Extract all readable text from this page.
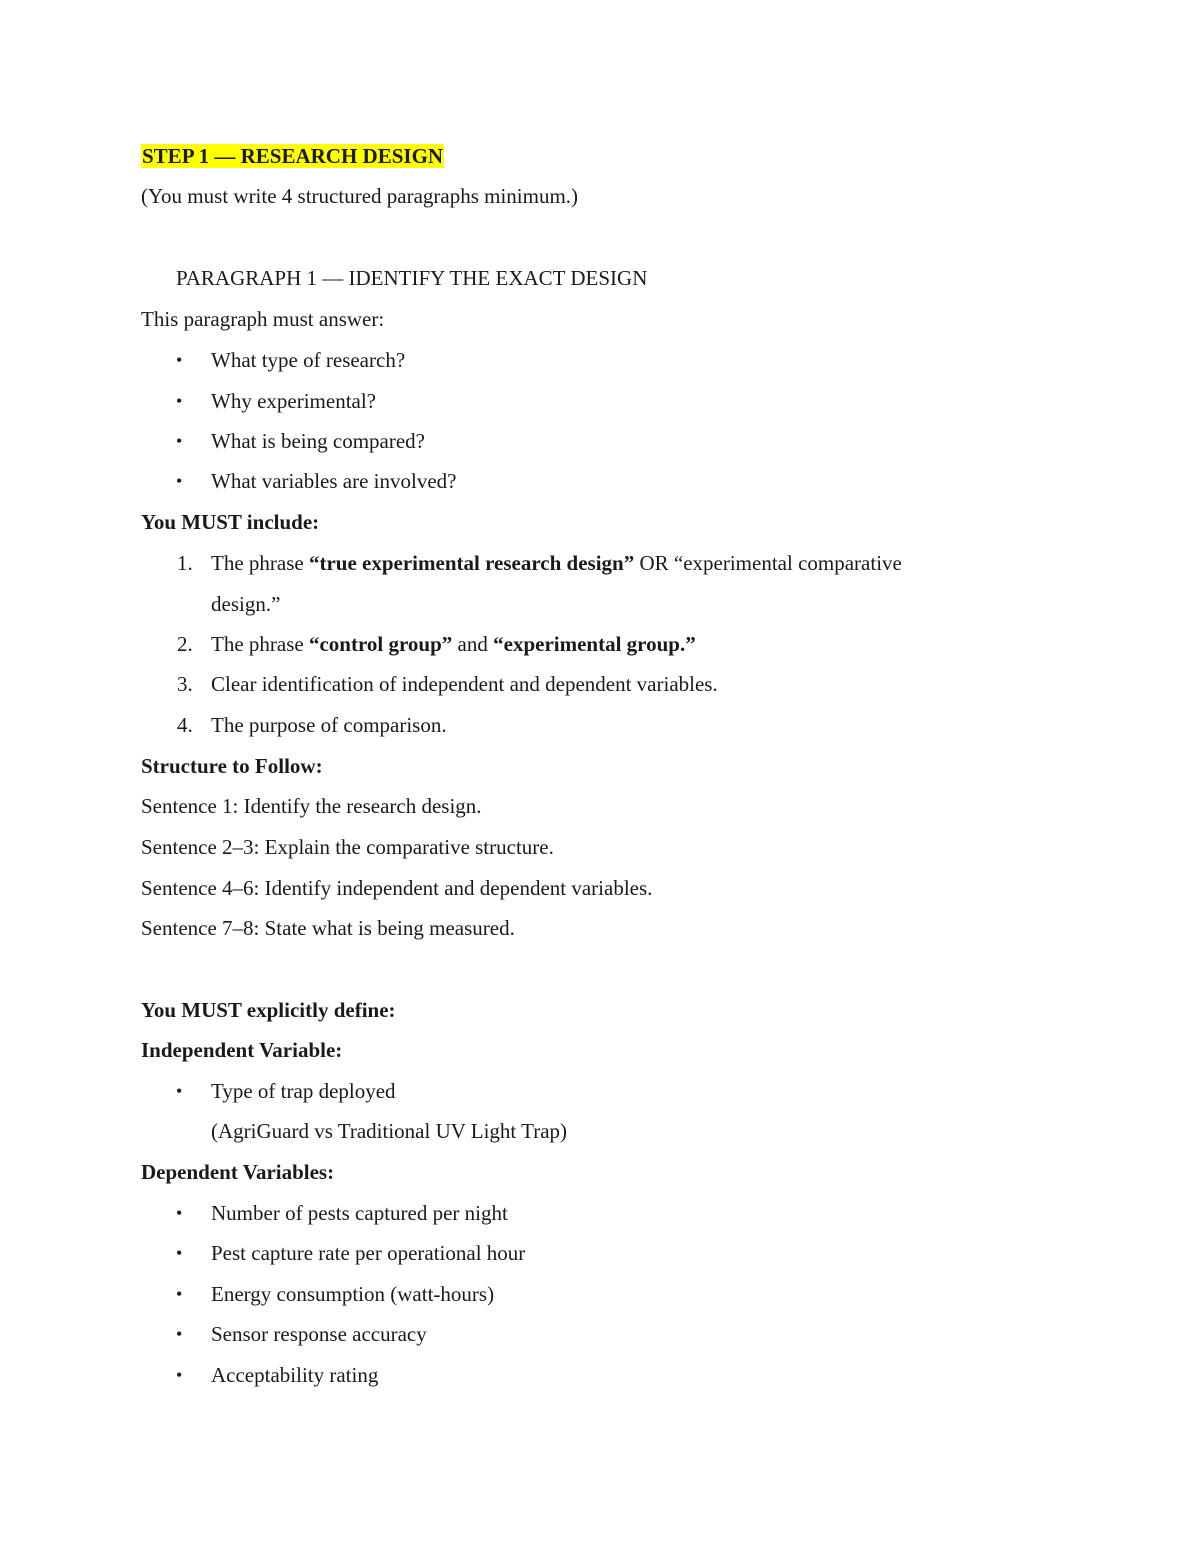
STEP 1 — RESEARCH DESIGN
(You must write 4 structured paragraphs minimum.)
PARAGRAPH 1 — IDENTIFY THE EXACT DESIGN
This paragraph must answer:
• What type of research?
• Why experimental?
• What is being compared?
• What variables are involved?
You MUST include:
1. The phrase “true experimental research design” OR “experimental comparative
design.”
2. The phrase “control group” and “experimental group.”
3. Clear identification of independent and dependent variables.
4. The purpose of comparison.
Structure to Follow:
Sentence 1: Identify the research design.
Sentence 2–3: Explain the comparative structure.
Sentence 4–6: Identify independent and dependent variables.
Sentence 7–8: State what is being measured.
You MUST explicitly define:
Independent Variable:
• Type of trap deployed
(AgriGuard vs Traditional UV Light Trap)
Dependent Variables:
• Number of pests captured per night
• Pest capture rate per operational hour
• Energy consumption (watt-hours)
• Sensor response accuracy
• Acceptability rating
